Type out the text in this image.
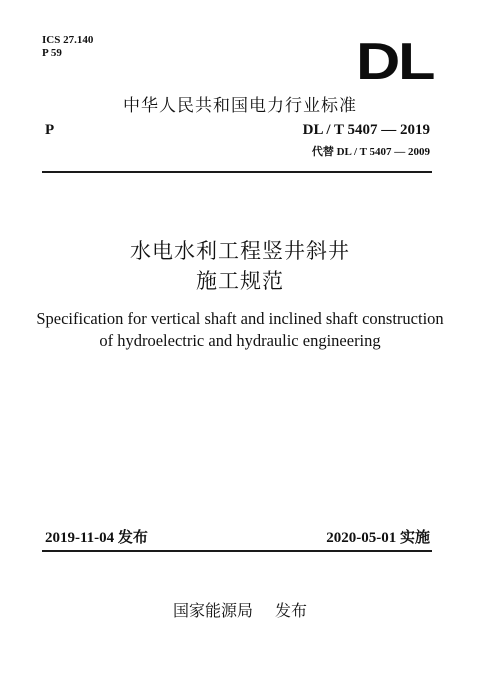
ICS 27.140
P 59	DL
中华人民共和国电力行业标准
P	DL / T 5407 — 2019
代替 DL / T 5407 — 2009
水电水利工程竖井斜井
施工规范
Specification for vertical shaft and inclined shaft construction
of hydroelectric and hydraulic engineering
2019-11-04 发布	2020-05-01 实施
国家能源局 发布
